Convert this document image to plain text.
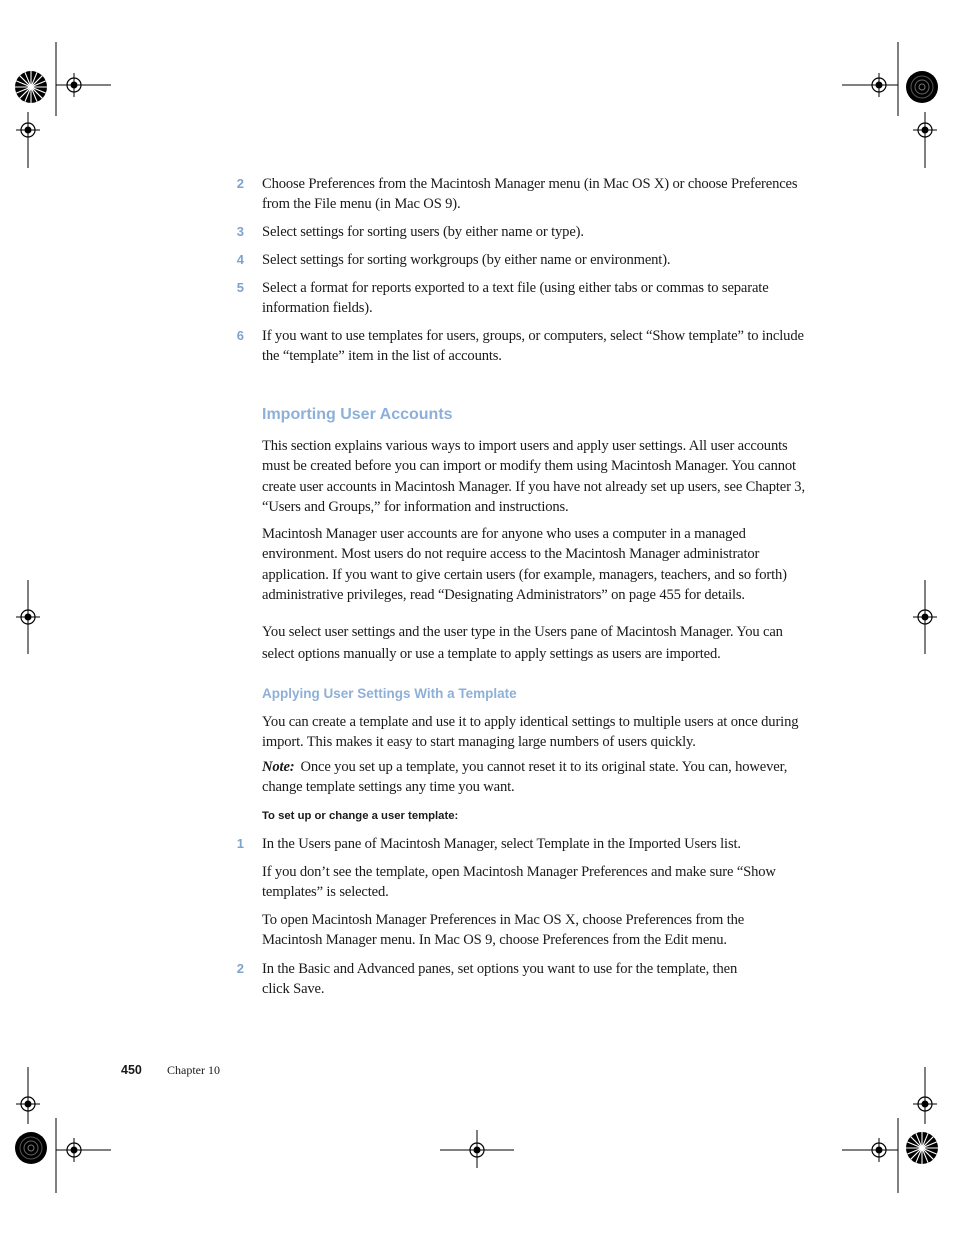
2 Choose Preferences from the Macintosh Manager menu (in Mac OS X) or choose Preferences from the File menu (in Mac OS 9).
3 Select settings for sorting users (by either name or type).
4 Select settings for sorting workgroups (by either name or environment).
5 Select a format for reports exported to a text file (using either tabs or commas to separate information fields).
6 If you want to use templates for users, groups, or computers, select “Show template” to include the “template” item in the list of accounts.
Importing User Accounts
This section explains various ways to import users and apply user settings. All user accounts must be created before you can import or modify them using Macintosh Manager. You cannot create user accounts in Macintosh Manager. If you have not already set up users, see Chapter 3, “Users and Groups,” for information and instructions.
Macintosh Manager user accounts are for anyone who uses a computer in a managed environment. Most users do not require access to the Macintosh Manager administrator application. If you want to give certain users (for example, managers, teachers, and so forth) administrative privileges, read “Designating Administrators” on page 455 for details.
You select user settings and the user type in the Users pane of Macintosh Manager. You can select options manually or use a template to apply settings as users are imported.
Applying User Settings With a Template
You can create a template and use it to apply identical settings to multiple users at once during import. This makes it easy to start managing large numbers of users quickly.
Note: Once you set up a template, you cannot reset it to its original state. You can, however, change template settings any time you want.
To set up or change a user template:
1 In the Users pane of Macintosh Manager, select Template in the Imported Users list.
If you don’t see the template, open Macintosh Manager Preferences and make sure “Show templates” is selected.
To open Macintosh Manager Preferences in Mac OS X, choose Preferences from the Macintosh Manager menu. In Mac OS 9, choose Preferences from the Edit menu.
2 In the Basic and Advanced panes, set options you want to use for the template, then click Save.
450 Chapter 10
